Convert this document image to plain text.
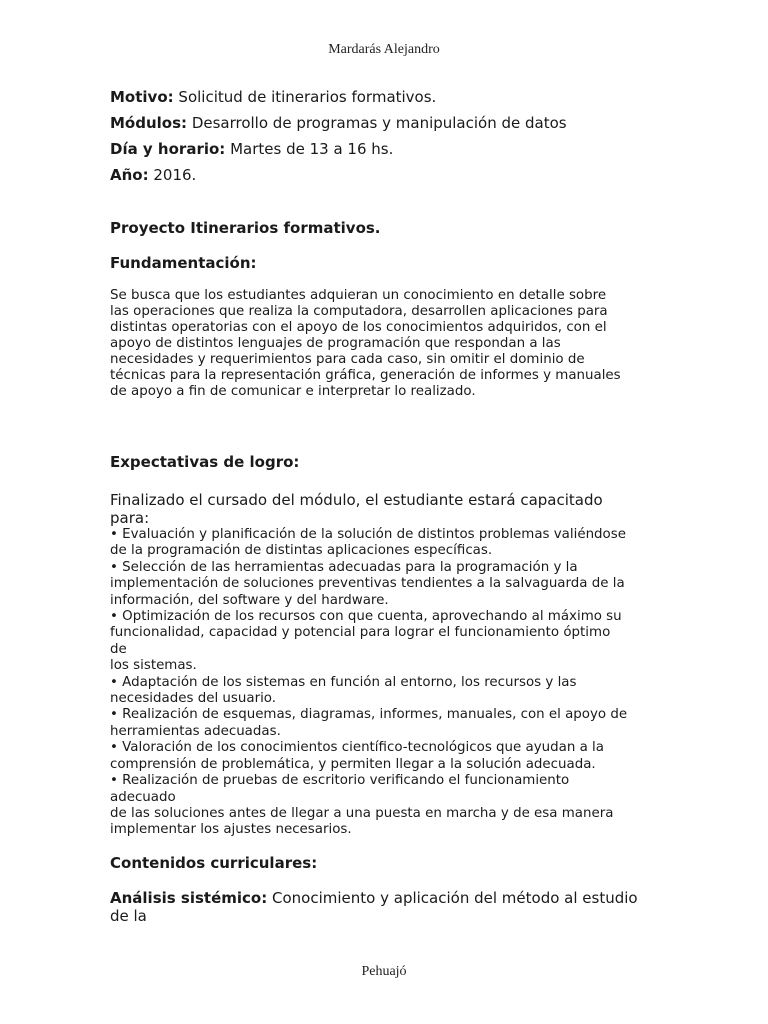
Mardarás Alejandro
Motivo: Solicitud de itinerarios formativos.
Módulos: Desarrollo de programas y manipulación de datos
Día y horario: Martes de 13 a 16 hs.
Año: 2016.

Proyecto Itinerarios formativos.

Fundamentación:

Se busca que los estudiantes adquieran un conocimiento en detalle sobre
las operaciones que realiza la computadora, desarrollen aplicaciones para
distintas operatorias con el apoyo de los conocimientos adquiridos, con el
apoyo de distintos lenguajes de programación que respondan a las
necesidades y requerimientos para cada caso, sin omitir el dominio de
técnicas para la representación gráfica, generación de informes y manuales
de apoyo a fin de comunicar e interpretar lo realizado.

Expectativas de logro:

Finalizado el cursado del módulo, el estudiante estará capacitado
para:

• Evaluación y planificación de la solución de distintos problemas valiéndose
de la programación de distintas aplicaciones específicas.
• Selección de las herramientas adecuadas para la programación y la
implementación de soluciones preventivas tendientes a la salvaguarda de la
información, del software y del hardware.
• Optimización de los recursos con que cuenta, aprovechando al máximo su
funcionalidad, capacidad y potencial para lograr el funcionamiento óptimo
de
los sistemas.
• Adaptación de los sistemas en función al entorno, los recursos y las
necesidades del usuario.
• Realización de esquemas, diagramas, informes, manuales, con el apoyo de
herramientas adecuadas.
• Valoración de los conocimientos científico-tecnológicos que ayudan a la
comprensión de problemática, y permiten llegar a la solución adecuada.
• Realización de pruebas de escritorio verificando el funcionamiento
adecuado
de las soluciones antes de llegar a una puesta en marcha y de esa manera
implementar los ajustes necesarios.

Contenidos curriculares:

Análisis sistémico: Conocimiento y aplicación del método al estudio
de la

Pehuajó
